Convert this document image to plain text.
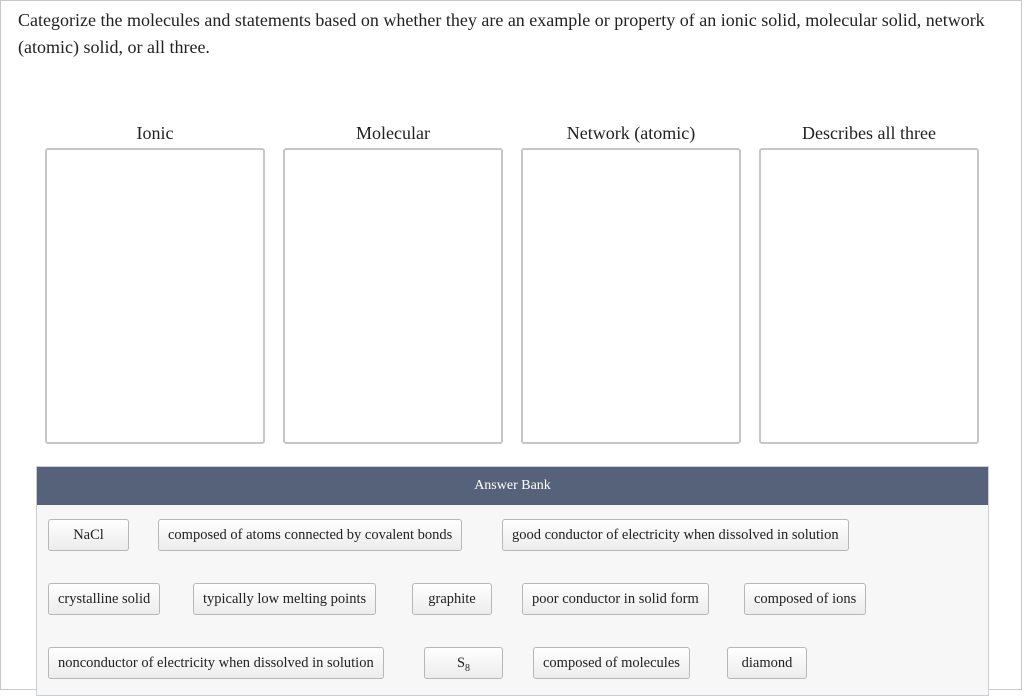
Categorize the molecules and statements based on whether they are an example or property of an ionic solid, molecular solid, network (atomic) solid, or all three.
Ionic	Molecular	Network (atomic)	Describes all three
Answer Bank
NaCl	composed of atoms connected by covalent bonds	good conductor of electricity when dissolved in solution
crystalline solid	typically low melting points	graphite	poor conductor in solid form	composed of ions
nonconductor of electricity when dissolved in solution	$S_8$	composed of molecules	diamond
